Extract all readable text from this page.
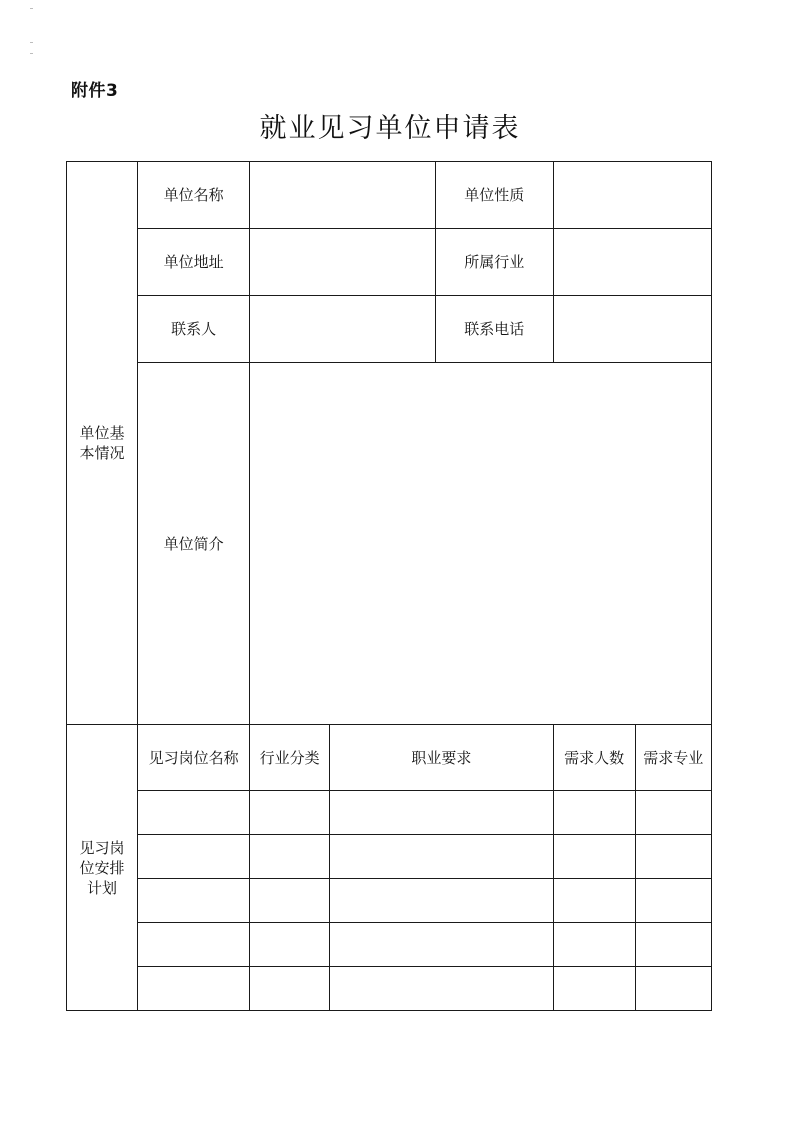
附件3
就业见习单位申请表
单位基本情况	单位名称			单位性质		
	单位地址			所属行业		
	联系人			联系电话		
	单位简介					
见习岗位安排计划	见习岗位名称	行业分类	职业要求		需求人数	需求专业
